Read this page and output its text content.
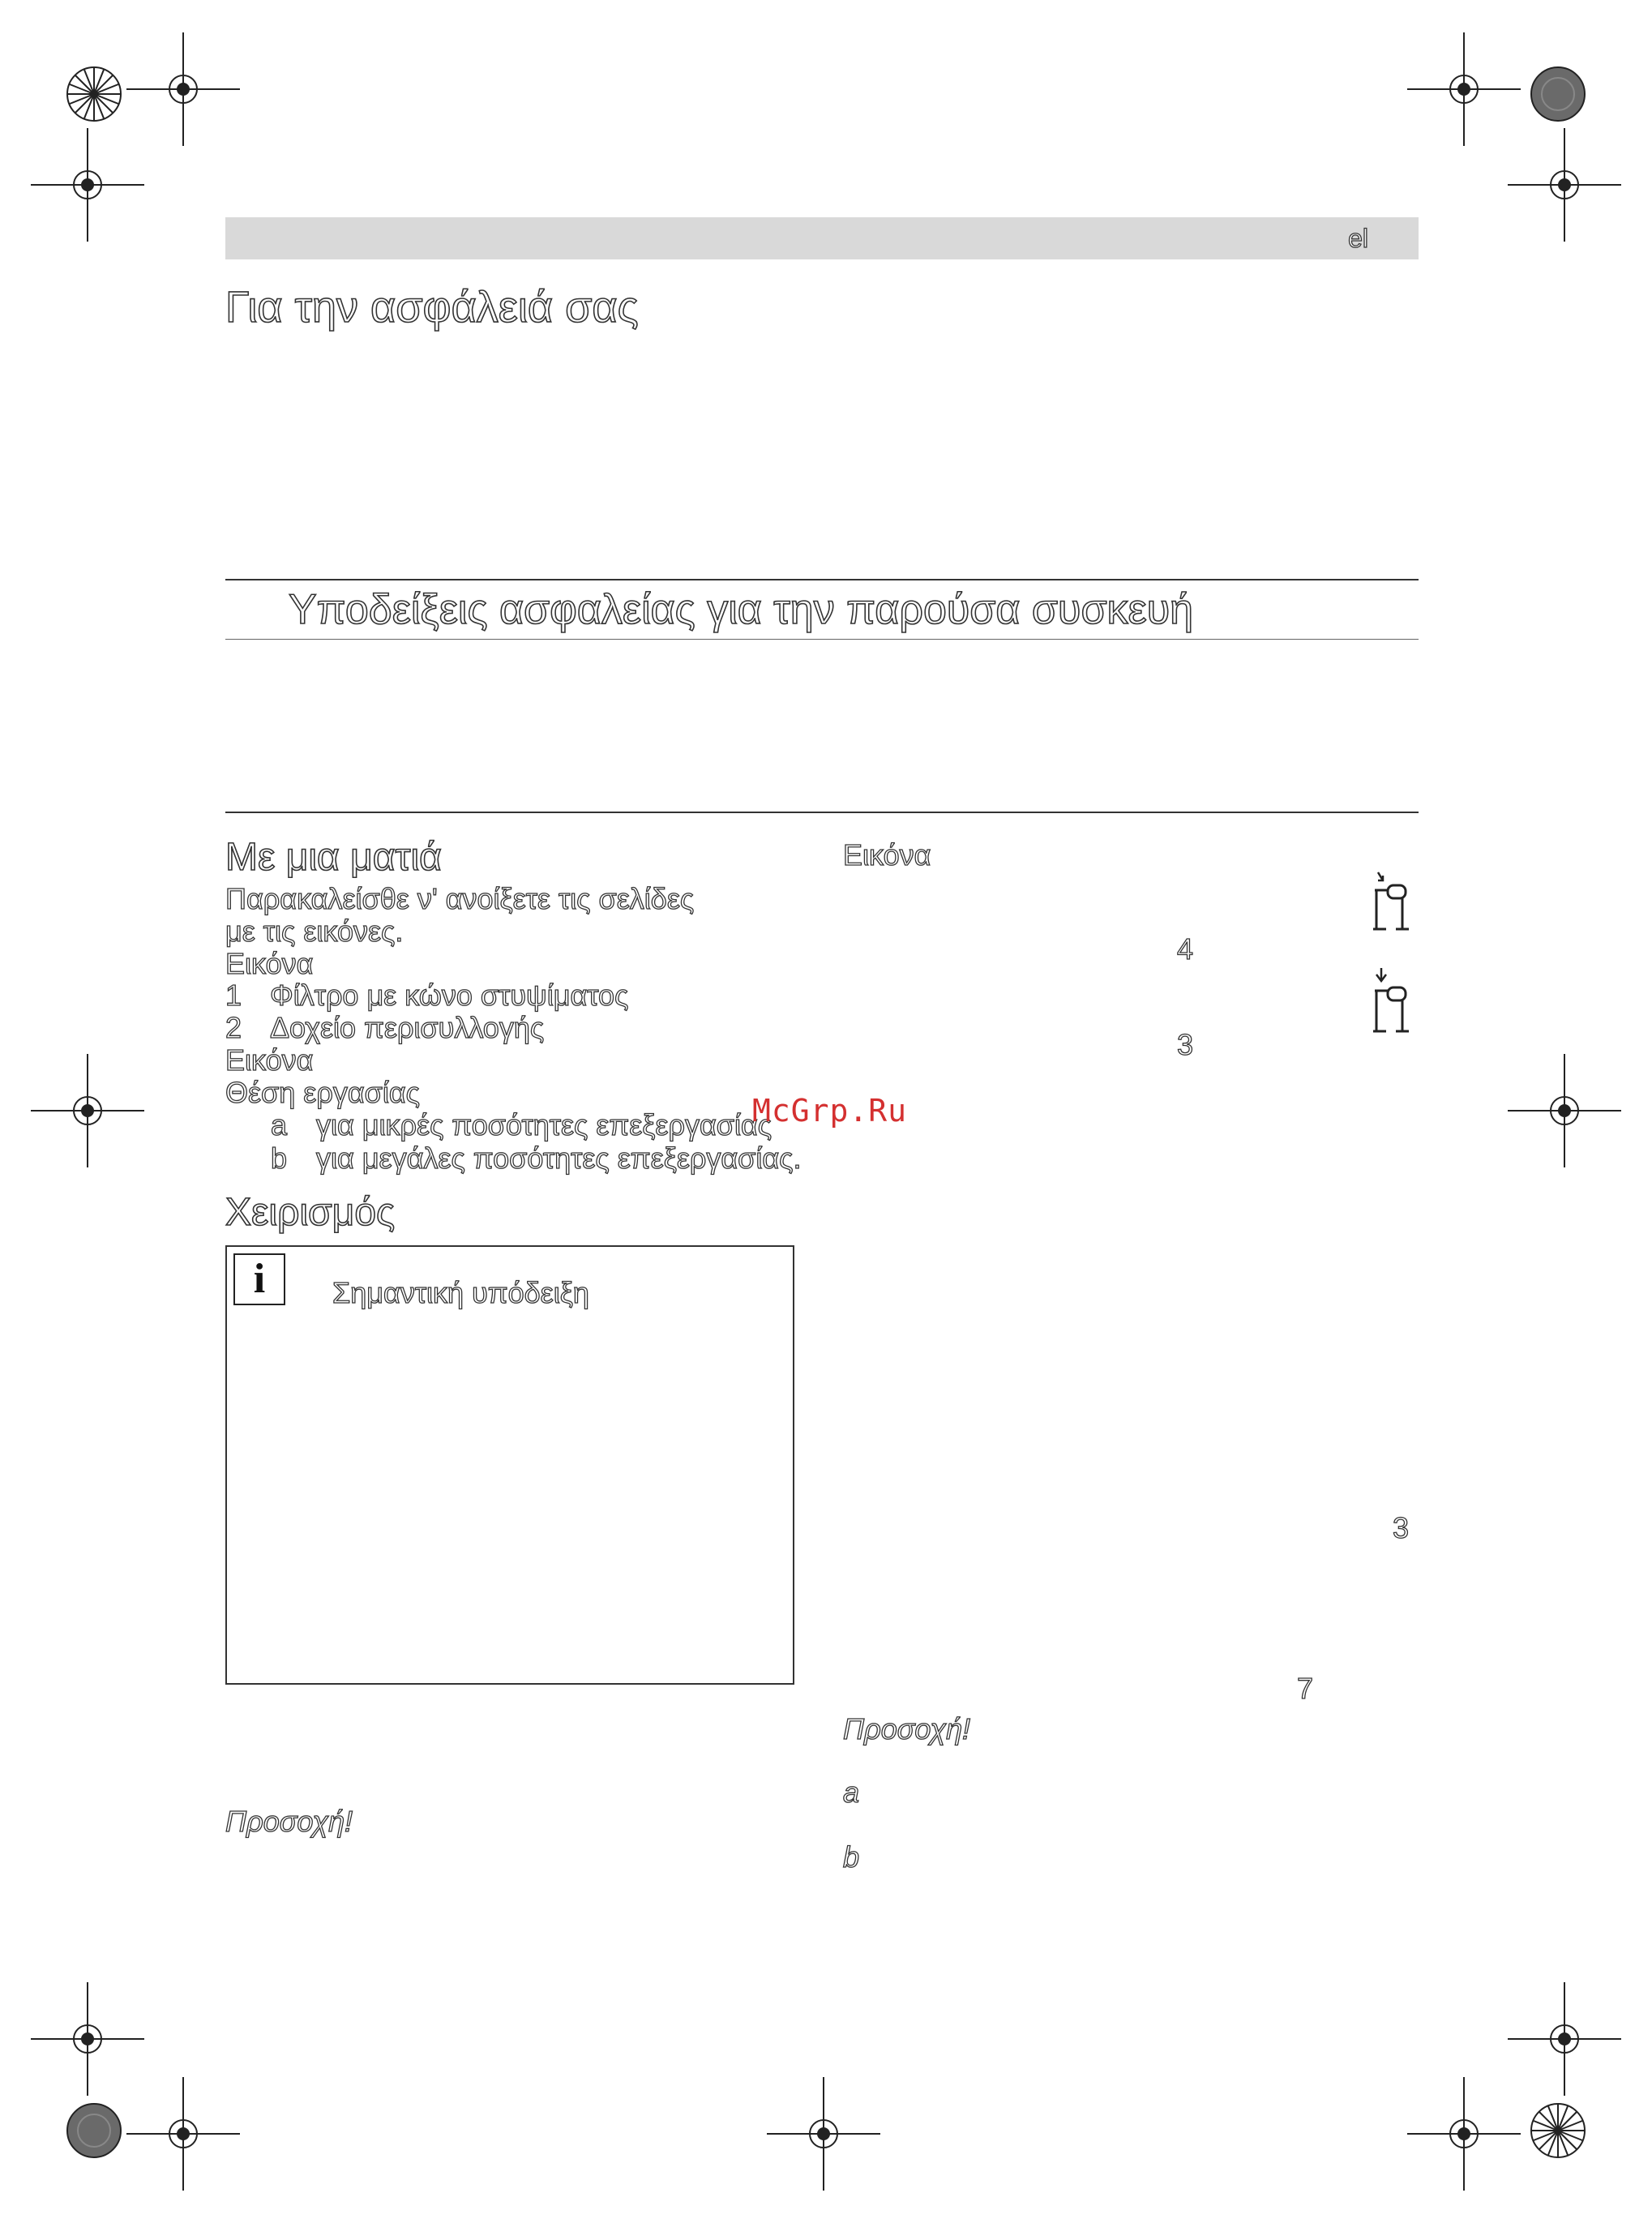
el
Για την ασφάλειά σας
Υποδείξεις ασφαλείας για την παρούσα συσκευή
Με μια ματιά
Παρακαλείσθε ν' ανοίξετε τις σελίδες
με τις εικόνες.
Εικόνα
1 Φίλτρο με κώνο στυψίματος
2 Δοχείο περισυλλογής
Εικόνα
Θέση εργασίας
a για μικρές ποσότητες επεξεργασίας
b για μεγάλες ποσότητες επεξεργασίας.
Χειρισμός
i	Σημαντική υπόδειξη
Προσοχή!
Εικόνα
4
3
3
7
Προσοχή!
a
b
McGrp.Ru
